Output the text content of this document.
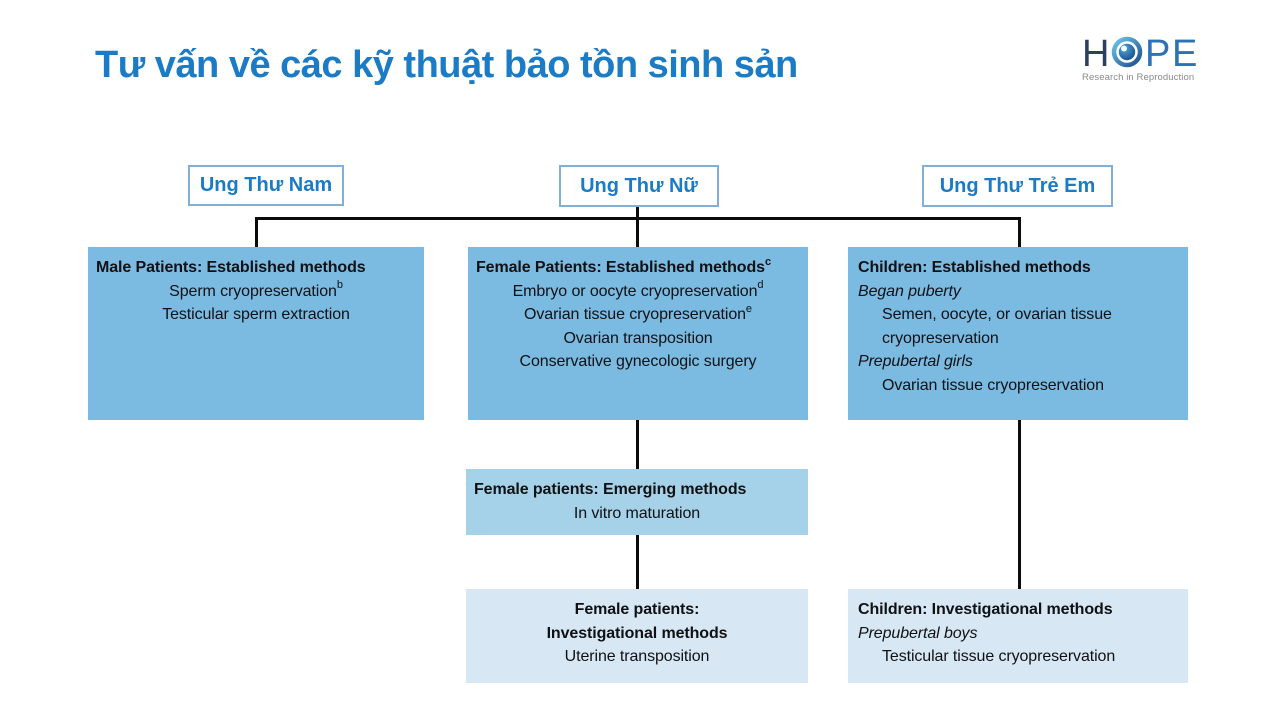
Tư vấn về các kỹ thuật bảo tồn sinh sản	H P E
Research in Reproduction
Ung Thư Nam	Ung Thư Nữ	Ung Thư Trẻ Em
Male Patients: Established methods
Sperm cryopreservation$^b$
Testicular sperm extraction
Female Patients: Established methods$^c$
Embryo or oocyte cryopreservation$^d$
Ovarian tissue cryopreservation$^e$
Ovarian transposition
Conservative gynecologic surgery
Children: Established methods
Began puberty
Semen, oocyte, or ovarian tissue cryopreservation
Prepubertal girls
Ovarian tissue cryopreservation
Female patients: Emerging methods
In vitro maturation
Female patients:
Investigational methods
Uterine transposition
Children: Investigational methods
Prepubertal boys
Testicular tissue cryopreservation
